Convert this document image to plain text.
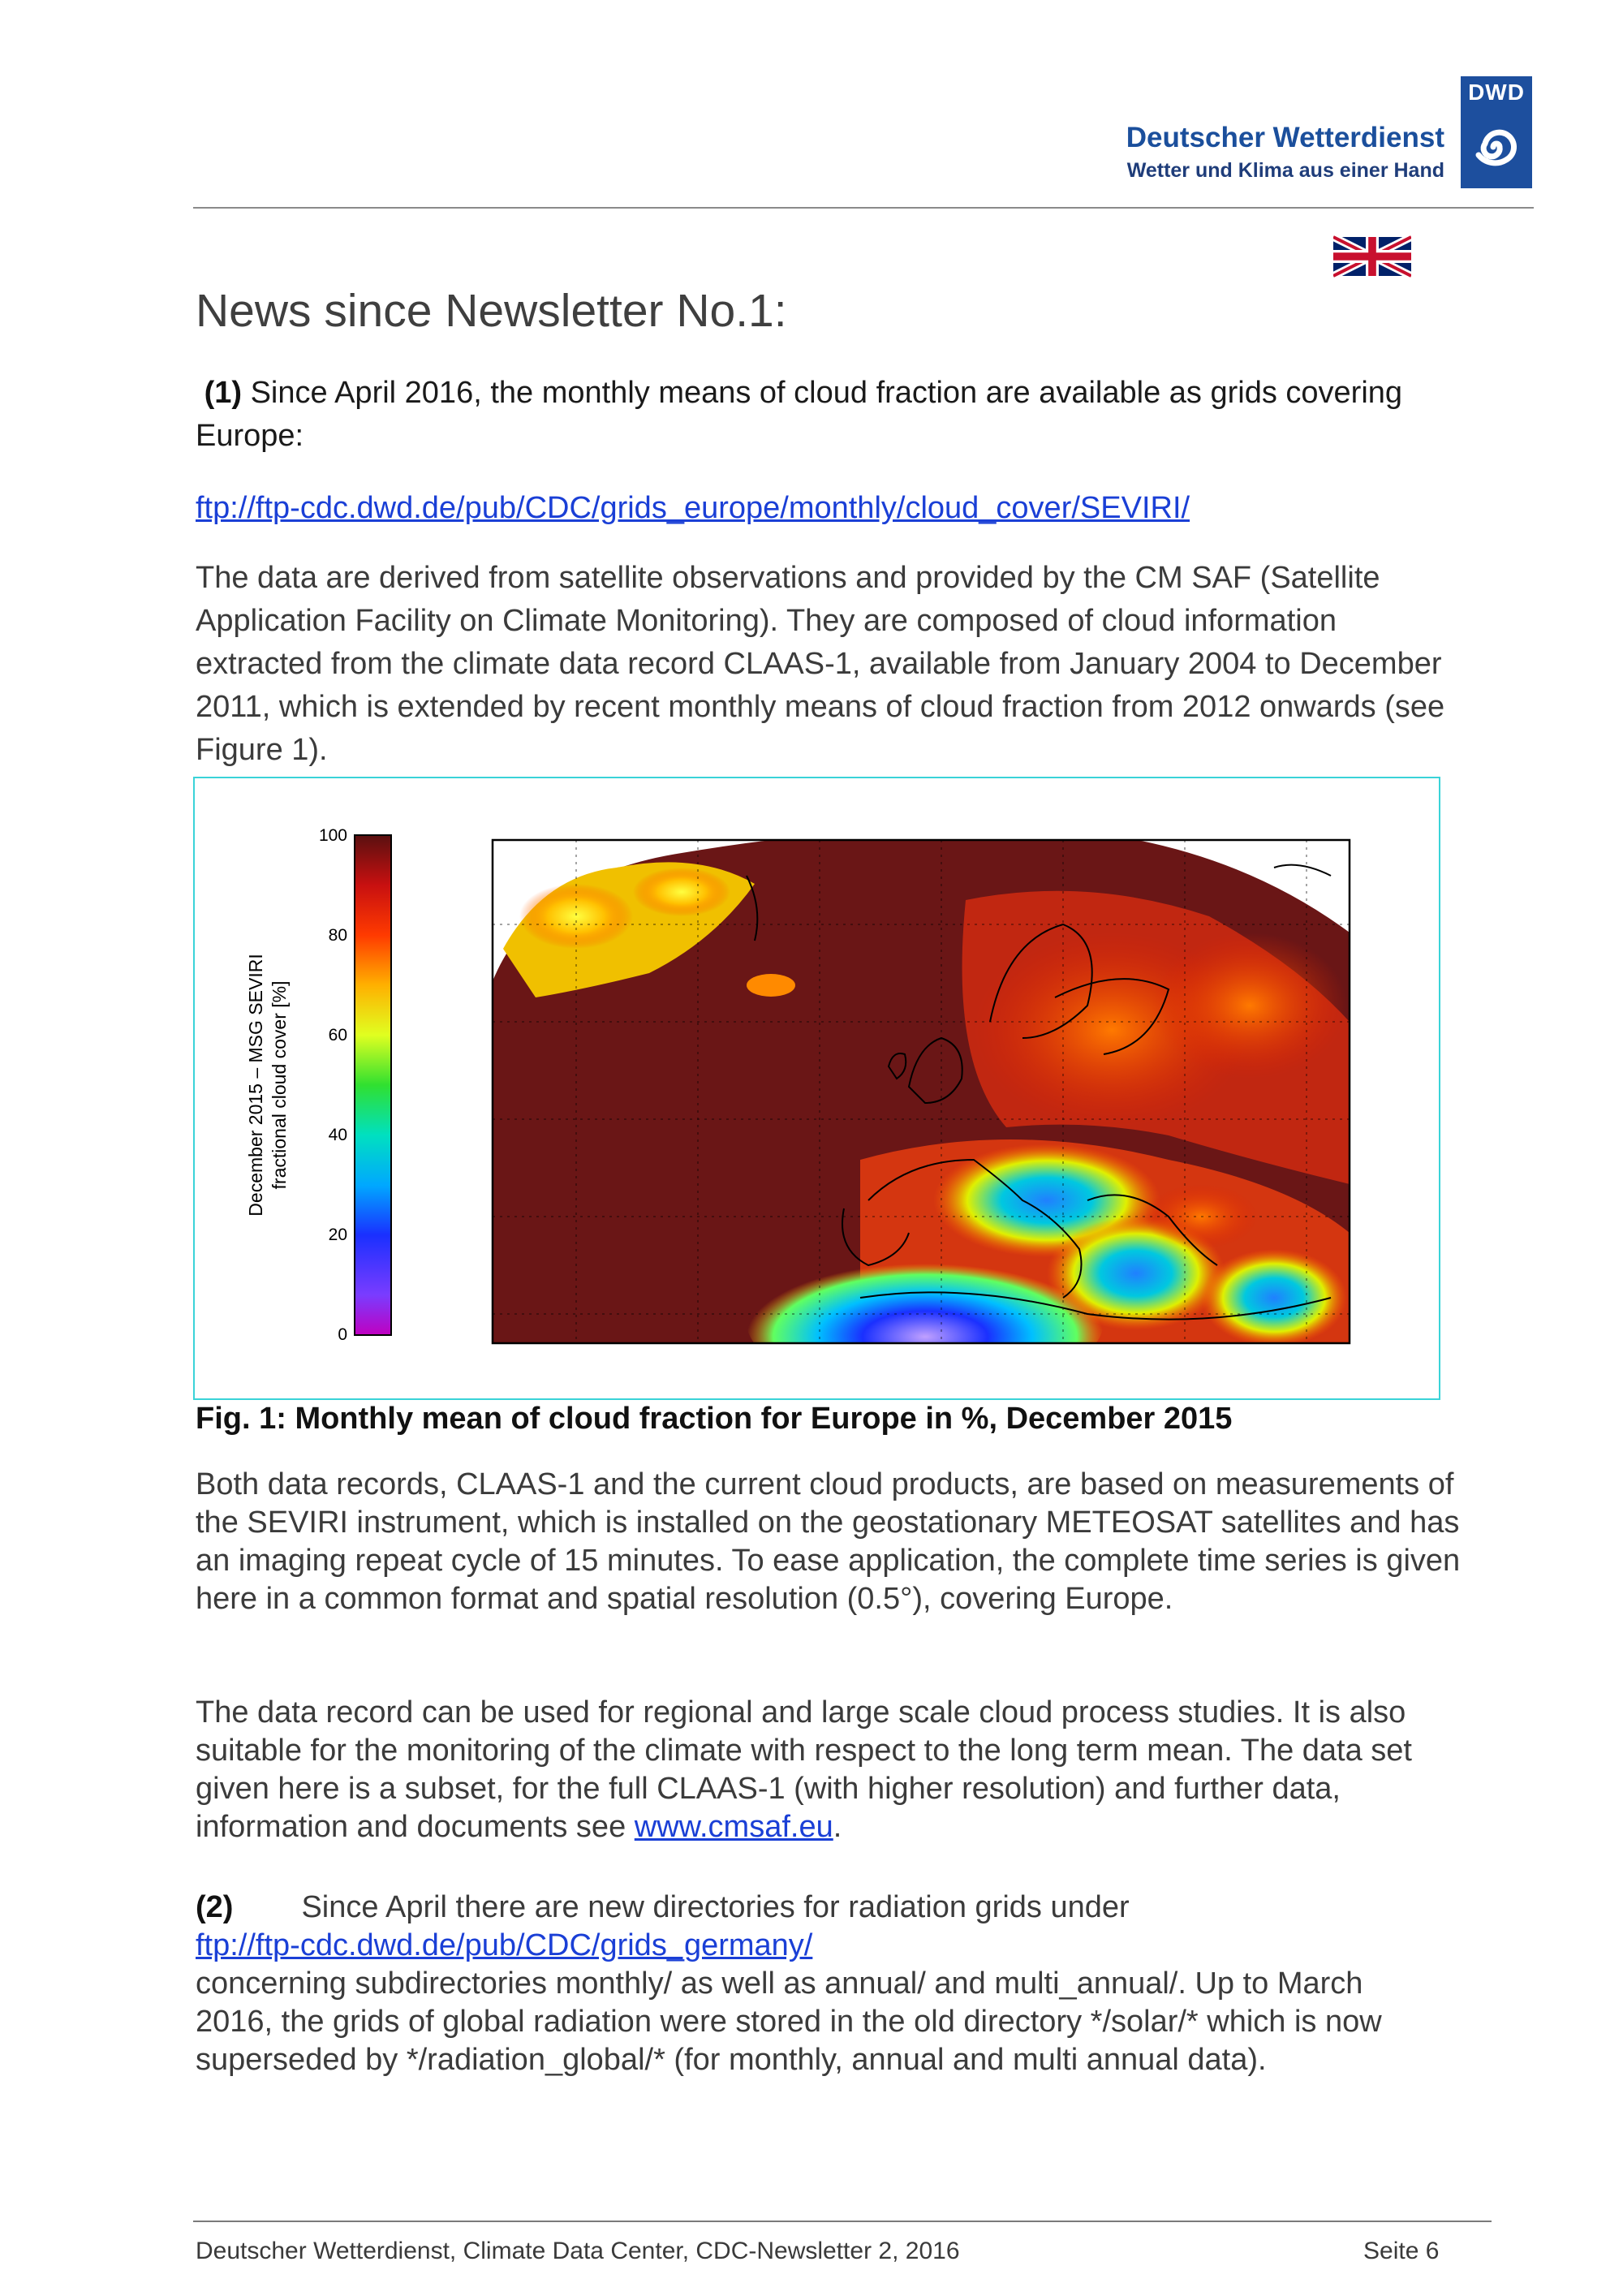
Deutscher Wetterdienst
Wetter und Klima aus einer Hand
DWD
News since Newsletter No.1:
(1) Since April 2016, the monthly means of cloud fraction are available as grids covering Europe:
ftp://ftp-cdc.dwd.de/pub/CDC/grids_europe/monthly/cloud_cover/SEVIRI/
The data are derived from satellite observations and provided by the CM SAF (Satellite Application Facility on Climate Monitoring). They are composed of cloud information extracted from the climate data record CLAAS-1, available from January 2004 to December 2011, which is extended by recent monthly means of cloud fraction from 2012 onwards (see Figure 1).
100
80
60
40
20
0
December 2015 – MSG SEVIRI fractional cloud cover [%]
Fig. 1: Monthly mean of cloud fraction for Europe in %, December 2015
Both data records, CLAAS-1 and the current cloud products, are based on measurements of the SEVIRI instrument, which is installed on the geostationary METEOSAT satellites and has an imaging repeat cycle of 15 minutes. To ease application, the complete time series is given here in a common format and spatial resolution (0.5°), covering Europe.
The data record can be used for regional and large scale cloud process studies. It is also suitable for the monitoring of the climate with respect to the long term mean. The data set given here is a subset, for the full CLAAS-1 (with higher resolution) and further data, information and documents see www.cmsaf.eu.
(2) Since April there are new directories for radiation grids under
ftp://ftp-cdc.dwd.de/pub/CDC/grids_germany/
concerning subdirectories monthly/ as well as annual/ and multi_annual/. Up to March 2016, the grids of global radiation were stored in the old directory */solar/* which is now superseded by */radiation_global/* (for monthly, annual and multi annual data).
Deutscher Wetterdienst, Climate Data Center, CDC-Newsletter 2, 2016	Seite 6
